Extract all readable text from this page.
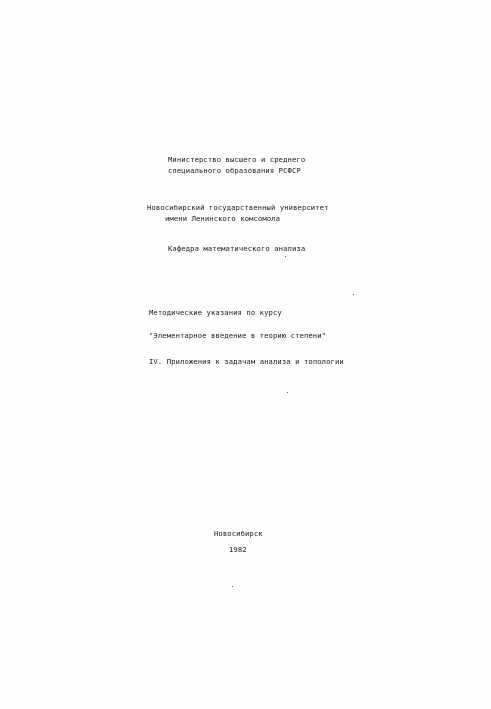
Министерство высшего и среднего
специального образования РСФСР
Новосибирский государственный университет
имени Ленинского комсомола
Кафедра математического анализа
Методические указания по курсу
"Элементарное введение в теорию степени"
IV. Приложения к задачам анализа и топологии
Новосибирск
1982
